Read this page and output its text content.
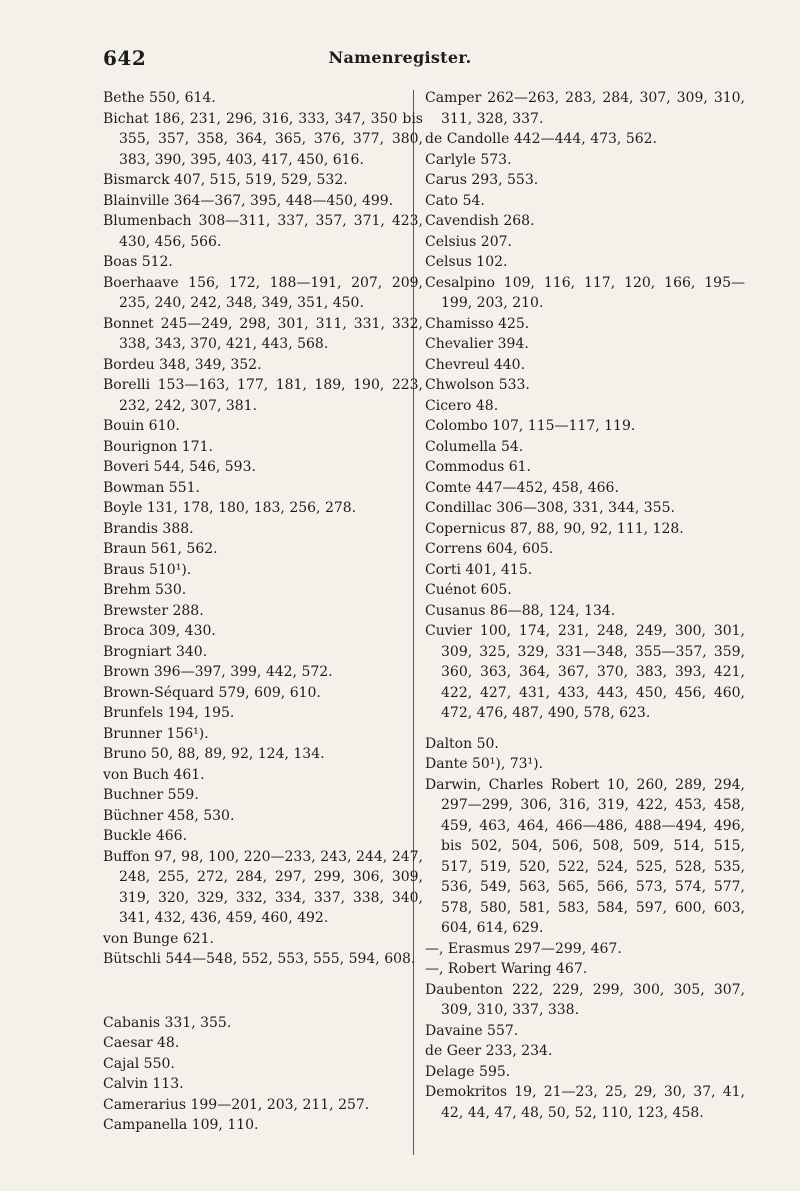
642	Namenregister.

Bethe 550, 614.

Bichat 186, 231, 296, 316, 333, 347, 350 bis 355, 357, 358, 364, 365, 376, 377, 380, 383, 390, 395, 403, 417, 450, 616.

Bismarck 407, 515, 519, 529, 532.

Blainville 364—367, 395, 448—450, 499.

Blumenbach 308—311, 337, 357, 371, 423, 430, 456, 566.

Boas 512.

Boerhaave 156, 172, 188—191, 207, 209, 235, 240, 242, 348, 349, 351, 450.

Bonnet 245—249, 298, 301, 311, 331, 332, 338, 343, 370, 421, 443, 568.

Bordeu 348, 349, 352.

Borelli 153—163, 177, 181, 189, 190, 223, 232, 242, 307, 381.

Bouin 610.

Bourignon 171.

Boveri 544, 546, 593.

Bowman 551.

Boyle 131, 178, 180, 183, 256, 278.

Brandis 388.

Braun 561, 562.

Braus 510¹).

Brehm 530.

Brewster 288.

Broca 309, 430.

Brogniart 340.

Brown 396—397, 399, 442, 572.

Brown-Séquard 579, 609, 610.

Brunfels 194, 195.

Brunner 156¹).

Bruno 50, 88, 89, 92, 124, 134.

von Buch 461.

Buchner 559.

Büchner 458, 530.

Buckle 466.

Buffon 97, 98, 100, 220—233, 243, 244, 247, 248, 255, 272, 284, 297, 299, 306, 309, 319, 320, 329, 332, 334, 337, 338, 340, 341, 432, 436, 459, 460, 492.

von Bunge 621.

Bütschli 544—548, 552, 553, 555, 594, 608.

Cabanis 331, 355.

Caesar 48.

Cajal 550.

Calvin 113.

Camerarius 199—201, 203, 211, 257.

Campanella 109, 110.

Camper 262—263, 283, 284, 307, 309, 310, 311, 328, 337.

de Candolle 442—444, 473, 562.

Carlyle 573.

Carus 293, 553.

Cato 54.

Cavendish 268.

Celsius 207.

Celsus 102.

Cesalpino 109, 116, 117, 120, 166, 195—199, 203, 210.

Chamisso 425.

Chevalier 394.

Chevreul 440.

Chwolson 533.

Cicero 48.

Colombo 107, 115—117, 119.

Columella 54.

Commodus 61.

Comte 447—452, 458, 466.

Condillac 306—308, 331, 344, 355.

Copernicus 87, 88, 90, 92, 111, 128.

Correns 604, 605.

Corti 401, 415.

Cuénot 605.

Cusanus 86—88, 124, 134.

Cuvier 100, 174, 231, 248, 249, 300, 301, 309, 325, 329, 331—348, 355—357, 359, 360, 363, 364, 367, 370, 383, 393, 421, 422, 427, 431, 433, 443, 450, 456, 460, 472, 476, 487, 490, 578, 623.

Dalton 50.

Dante 50¹), 73¹).

Darwin, Charles Robert 10, 260, 289, 294, 297—299, 306, 316, 319, 422, 453, 458, 459, 463, 464, 466—486, 488—494, 496, bis 502, 504, 506, 508, 509, 514, 515, 517, 519, 520, 522, 524, 525, 528, 535, 536, 549, 563, 565, 566, 573, 574, 577, 578, 580, 581, 583, 584, 597, 600, 603, 604, 614, 629.

—, Erasmus 297—299, 467.

—, Robert Waring 467.

Daubenton 222, 229, 299, 300, 305, 307, 309, 310, 337, 338.

Davaine 557.

de Geer 233, 234.

Delage 595.

Demokritos 19, 21—23, 25, 29, 30, 37, 41, 42, 44, 47, 48, 50, 52, 110, 123, 458.
